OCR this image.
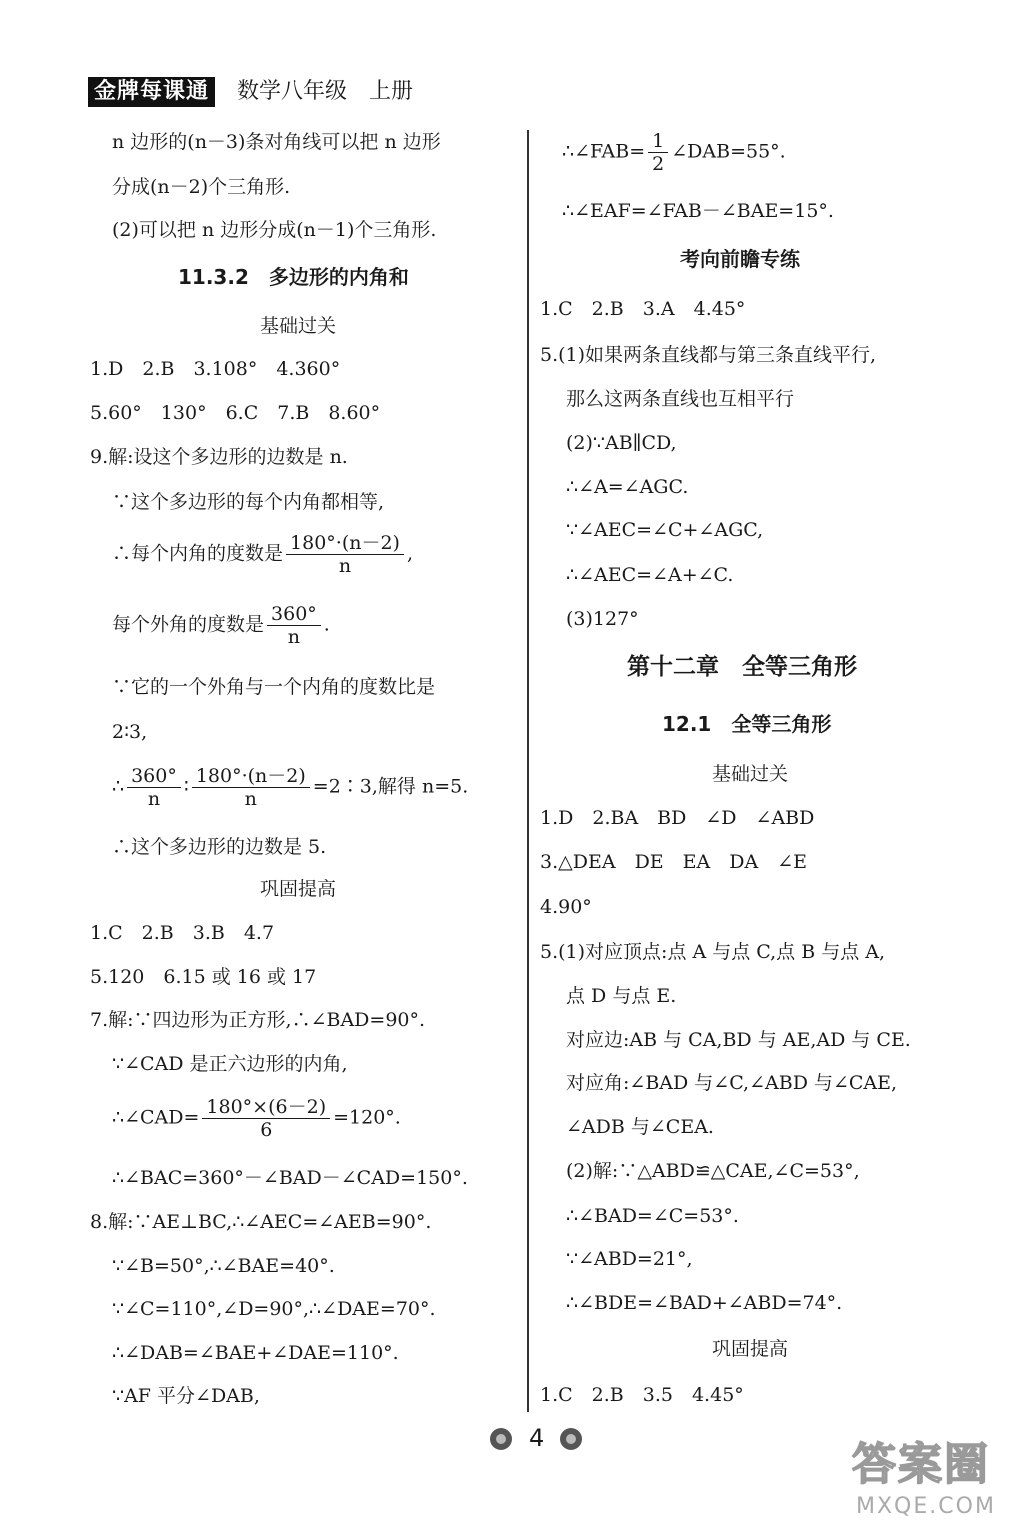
金牌每课通 数学八年级　上册
n 边形的(n－3)条对角线可以把 n 边形
分成(n－2)个三角形.
(2)可以把 n 边形分成(n－1)个三角形.
11.3.2　多边形的内角和
基础过关
1.D　2.B　3.108°　4.360°
5.60°　130°　6.C　7.B　8.60°
9.解:设这个多边形的边数是 n.
∵这个多边形的每个内角都相等,
∴每个内角的度数是 $\frac{180^\circ\cdot(n-2)}{n}$ ,
每个外角的度数是 $\frac{360^\circ}{n}$ .
∵它的一个外角与一个内角的度数比是
2∶3,
∴ $\frac{360^\circ}{n}$ ∶ $\frac{180^\circ\cdot(n-2)}{n}$ =2∶3,解得 n=5.
∴这个多边形的边数是 5.
巩固提高
1.C　2.B　3.B　4.7
5.120　6.15 或 16 或 17
7.解:∵四边形为正方形,∴∠BAD=90°.
∵∠CAD 是正六边形的内角,
∴∠CAD= $\frac{180^\circ\times(6-2)}{6} =120^\circ$.
∴∠BAC=360°－∠BAD－∠CAD=150°.
8.解:∵AE⊥BC,∴∠AEC=∠AEB=90°.
∵∠B=50°,∴∠BAE=40°.
∵∠C=110°,∠D=90°,∴∠DAE=70°.
∴∠DAB=∠BAE+∠DAE=110°.
∵AF 平分∠DAB,
∴∠FAB= $\frac{1}{2}$ ∠DAB=55°.
∴∠EAF=∠FAB－∠BAE=15°.
考向前瞻专练
1.C　2.B　3.A　4.45°
5.(1)如果两条直线都与第三条直线平行,
那么这两条直线也互相平行
(2)∵AB∥CD,
∴∠A=∠AGC.
∵∠AEC=∠C+∠AGC,
∴∠AEC=∠A+∠C.
(3)127°
第十二章　全等三角形
12.1　全等三角形
基础过关
1.D　2.BA　BD　∠D　∠ABD
3.△DEA　DE　EA　DA　∠E
4.90°
5.(1)对应顶点:点 A 与点 C,点 B 与点 A,
点 D 与点 E.
对应边:AB 与 CA,BD 与 AE,AD 与 CE.
对应角:∠BAD 与∠C,∠ABD 与∠CAE,
∠ADB 与∠CEA.
(2)解:∵△ABD≌△CAE,∠C=53°,
∴∠BAD=∠C=53°.
∵∠ABD=21°,
∴∠BDE=∠BAD+∠ABD=74°.
巩固提高
1.C　2.B　3.5　4.45°
4
答案圈
MXQE.COM
